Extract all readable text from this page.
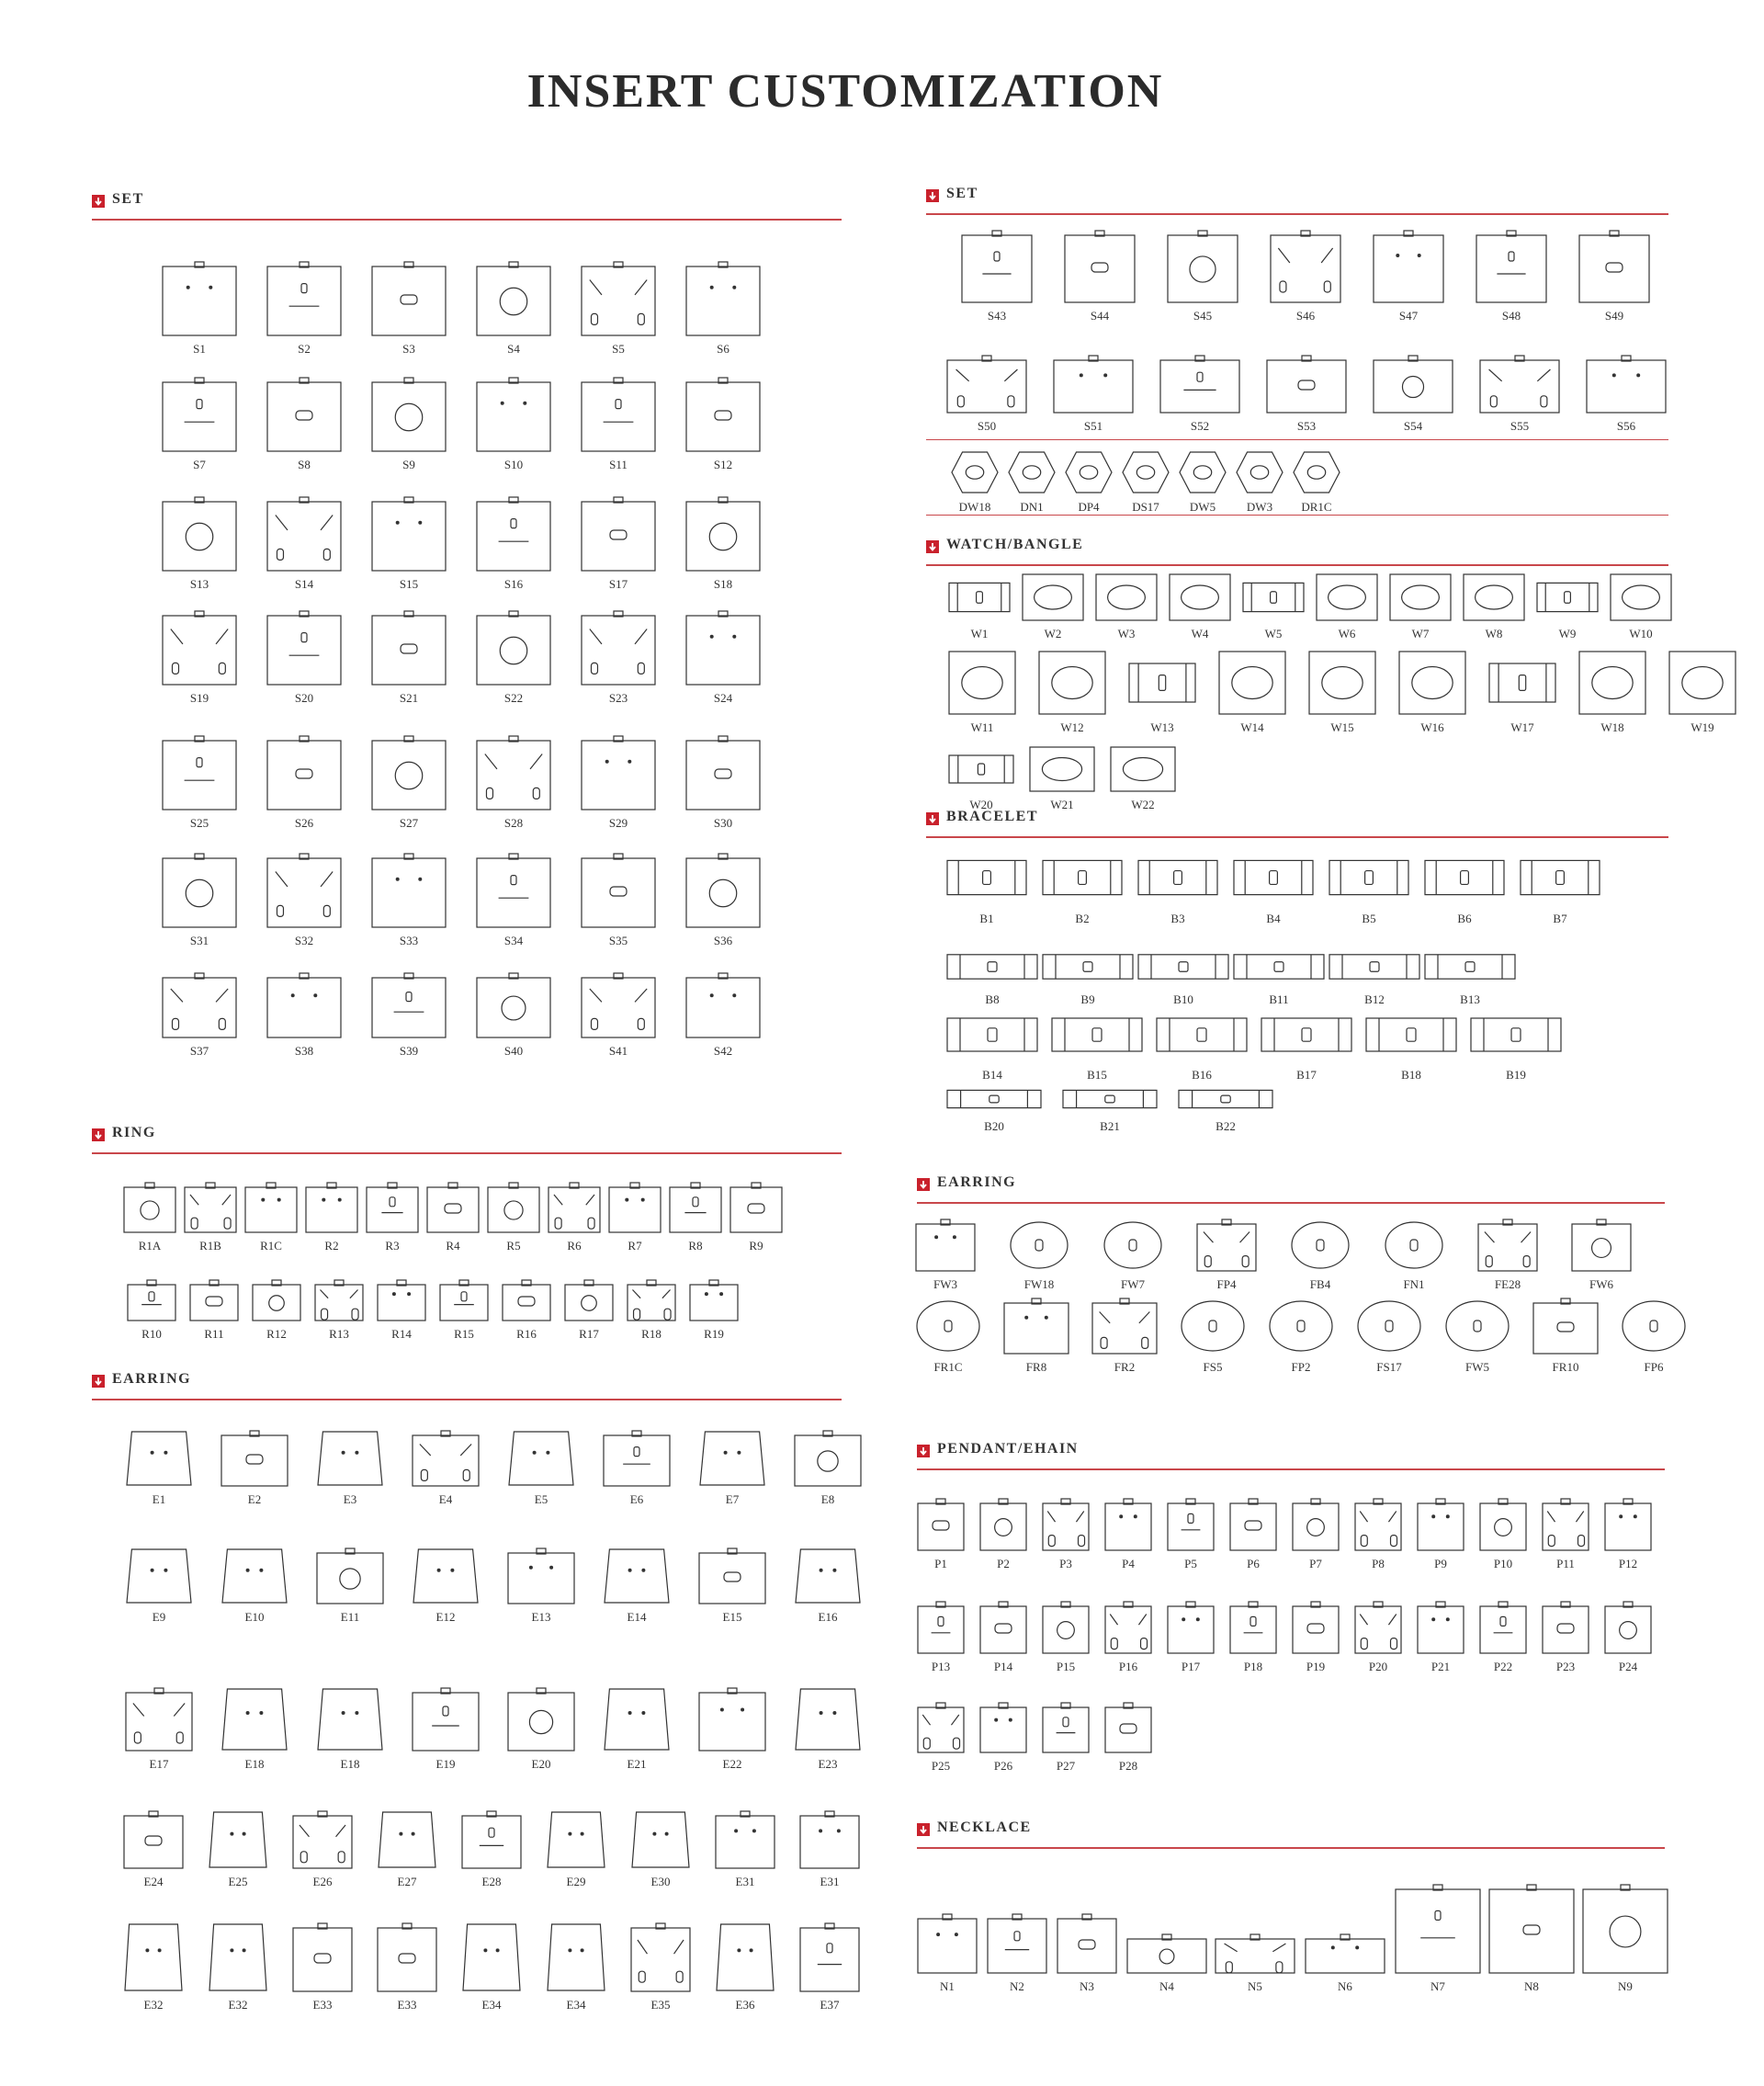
INSERT CUSTOMIZATION
SET
RING
EARRING
SET
WATCH/BANGLE
BRACELET
EARRING
PENDANT/EHAIN
NECKLACE
S1	S2	S3	S4	S5	S6
S7	S8	S9	S10	S11	S12
S13	S14	S15	S16	S17	S18
S19	S20	S21	S22	S23	S24
S25	S26	S27	S28	S29	S30
S31	S32	S33	S34	S35	S36
S37	S38	S39	S40	S41	S42
R1A	R1B	R1C	R2	R3	R4	R5	R6	R7	R8	R9
R10	R11	R12	R13	R14	R15	R16	R17	R18	R19
E1	E2	E3	E4	E5	E6	E7	E8
E9	E10	E11	E12	E13	E14	E15	E16
E17	E18	E18	E19	E20	E21	E22	E23
E24	E25	E26	E27	E28	E29	E30	E31	E31
E32	E32	E33	E33	E34	E34	E35	E36	E37
S43	S44	S45	S46	S47	S48	S49
S50	S51	S52	S53	S54	S55	S56
DW18	DN1	DP4	DS17	DW5	DW3	DR1C
W1	W2	W3	W4	W5	W6	W7	W8	W9	W10
W11	W12	W13	W14	W15	W16	W17	W18	W19
W20	W21	W22
B1	B2	B3	B4	B5	B6	B7
B8	B9	B10	B11	B12	B13
B14	B15	B16	B17	B18	B19
B20	B21	B22
FW3	FW18	FW7	FP4	FB4	FN1	FE28	FW6
FR1C	FR8	FR2	FS5	FP2	FS17	FW5	FR10	FP6
P1	P2	P3	P4	P5	P6	P7	P8	P9	P10	P11	P12
P13	P14	P15	P16	P17	P18	P19	P20	P21	P22	P23	P24
P25	P26	P27	P28
N1	N2	N3	N4	N5	N6	N7	N8	N9
